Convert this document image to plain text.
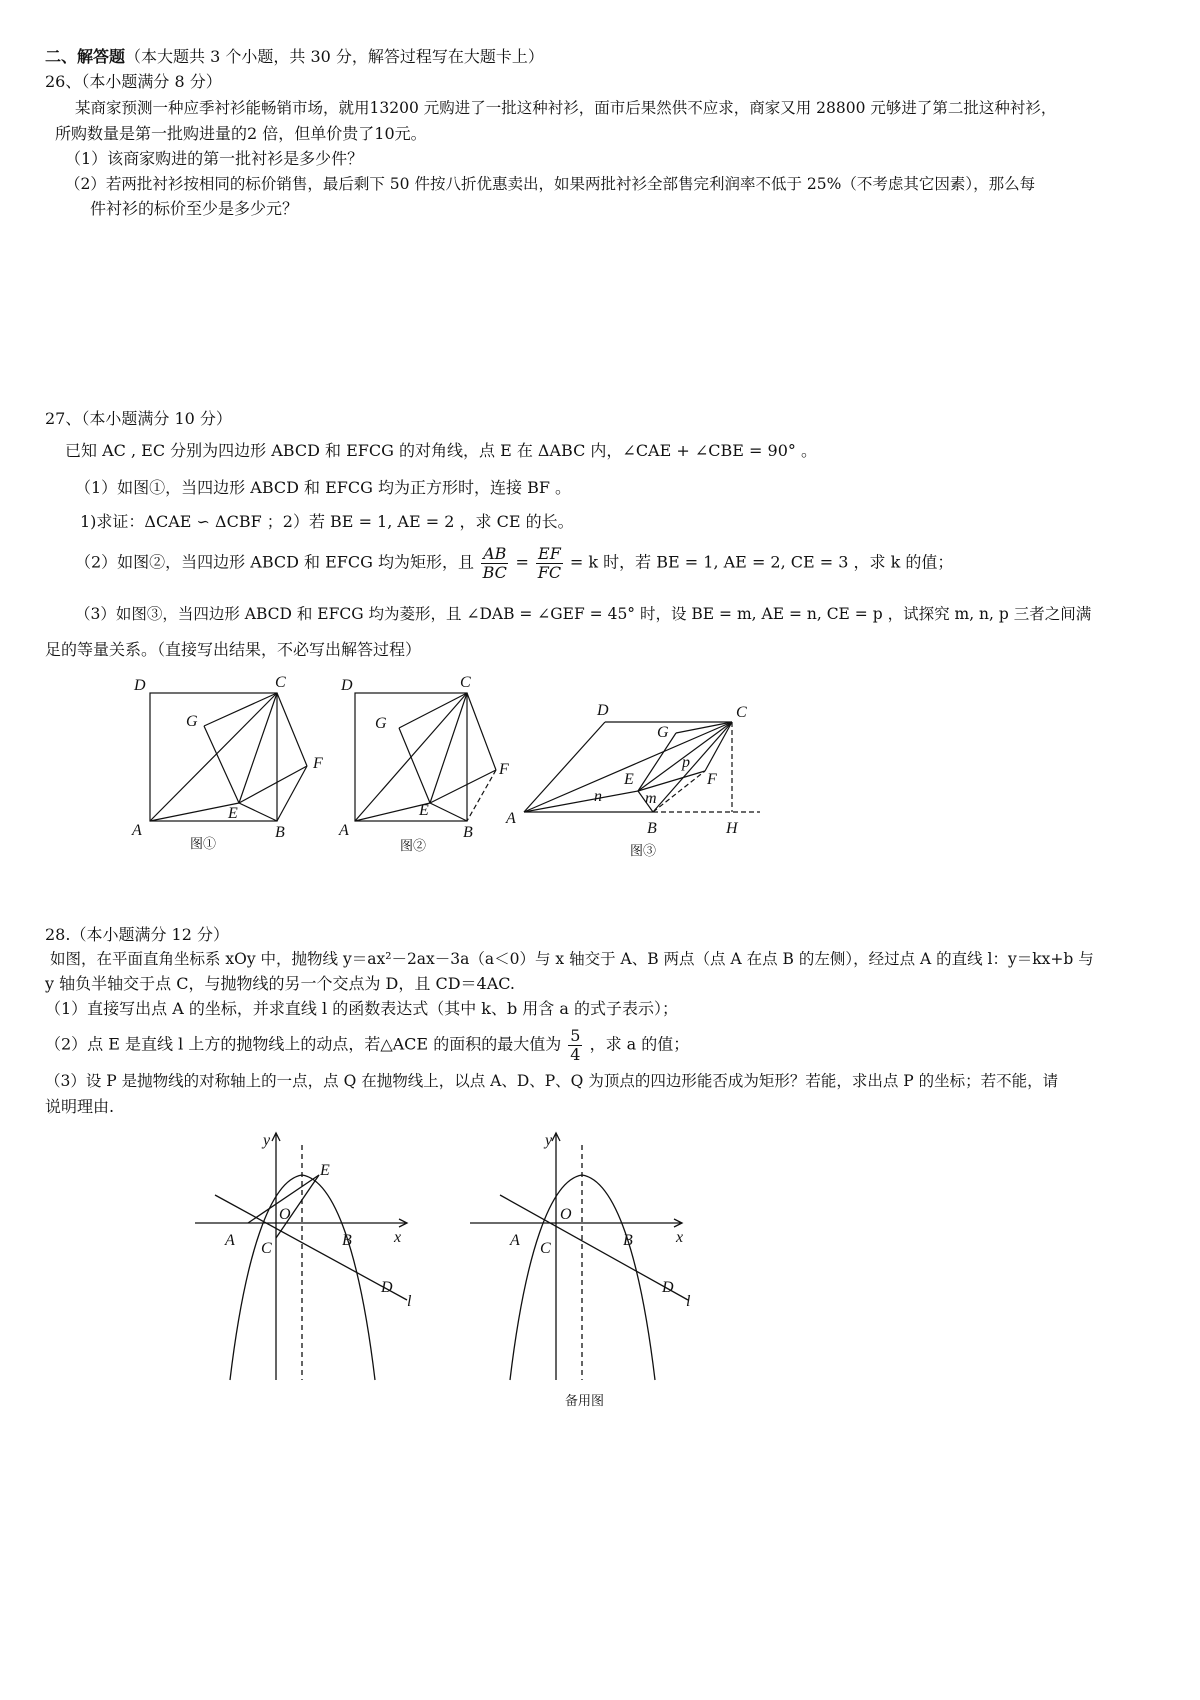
二、解答题（本大题共 3 个小题，共 30 分，解答过程写在大题卡上）
26、（本小题满分 8 分）
某商家预测一种应季衬衫能畅销市场，就用13200 元购进了一批这种衬衫，面市后果然供不应求，商家又用 28800 元够进了第二批这种衬衫，
所购数量是第一批购进量的2 倍，但单价贵了10元。
（1）该商家购进的第一批衬衫是多少件？
（2）若两批衬衫按相同的标价销售，最后剩下 50 件按八折优惠卖出，如果两批衬衫全部售完利润率不低于 25%（不考虑其它因素），那么每
件衬衫的标价至少是多少元？
27、（本小题满分 10 分）
已知 AC , EC 分别为四边形 ABCD 和 EFCG 的对角线，点 E 在 ΔABC 内，∠CAE + ∠CBE = 90° 。
（1）如图①，当四边形 ABCD 和 EFCG 均为正方形时，连接 BF 。
1)求证：ΔCAE ∽ ΔCBF ；2）若 BE = 1, AE = 2 ，求 CE 的长。
（2）如图②，当四边形 ABCD 和 EFCG 均为矩形，且 $\frac{AB}{BC} = \frac{EF}{FC} = k$ 时，若 BE = 1, AE = 2, CE = 3 ，求 k 的值；
（3）如图③，当四边形 ABCD 和 EFCG 均为菱形，且 ∠DAB = ∠GEF = 45° 时，设 BE = m, AE = n, CE = p ，试探究 m, n, p 三者之间满
足的等量关系。（直接写出结果，不必写出解答过程）
D	C
G
F
E
A	B
图①
D	C
G
F
E
A	B
图②
D	C
G
p
F
E
n	m
A
B	H
图③
28.（本小题满分 12 分）
如图，在平面直角坐标系 xOy 中，抛物线 y＝ax²－2ax－3a（a＜0）与 x 轴交于 A、B 两点（点 A 在点 B 的左侧），经过点 A 的直线 l：y＝kx+b 与
y 轴负半轴交于点 C，与抛物线的另一个交点为 D，且 CD＝4AC.
（1）直接写出点 A 的坐标，并求直线 l 的函数表达式（其中 k、b 用含 a 的式子表示）；
（2）点 E 是直线 l 上方的抛物线上的动点，若△ACE 的面积的最大值为 $\frac{5}{4}$ ，求 a 的值；
（3）设 P 是抛物线的对称轴上的一点，点 Q 在抛物线上，以点 A、D、P、Q 为顶点的四边形能否成为矩形？若能，求出点 P 的坐标；若不能，请
说明理由.
y
x
O
E
A C	B
D
l
y
x
O
A C	B
D
l
备用图
